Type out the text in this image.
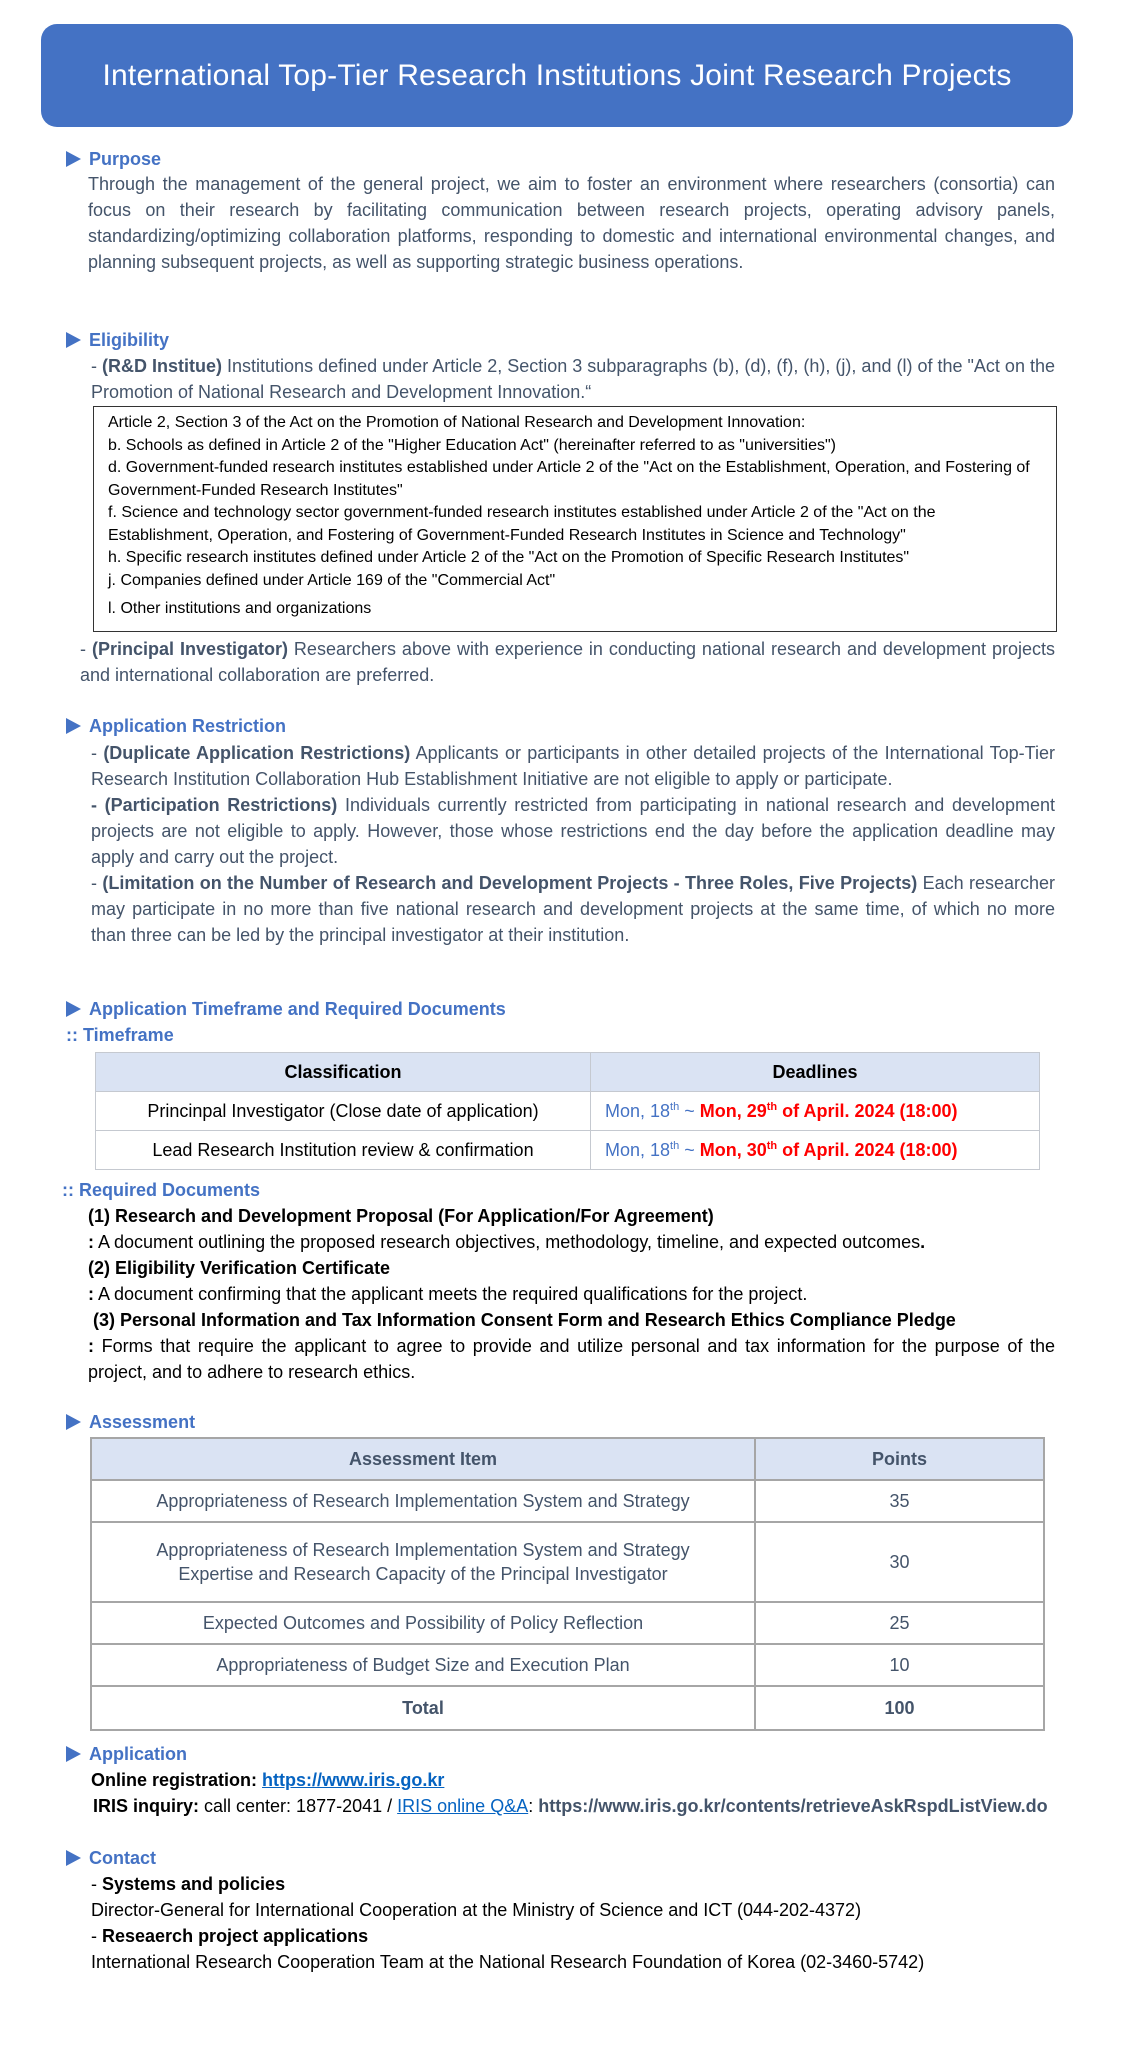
International Top-Tier Research Institutions Joint Research Projects
Purpose
Through the management of the general project, we aim to foster an environment where researchers (consortia) can focus on their research by facilitating communication between research projects, operating advisory panels, standardizing/optimizing collaboration platforms, responding to domestic and international environmental changes, and planning subsequent projects, as well as supporting strategic business operations.
Eligibility
- (R&D Institue) Institutions defined under Article 2, Section 3 subparagraphs (b), (d), (f), (h), (j), and (l) of the "Act on the Promotion of National Research and Development Innovation.“
Article 2, Section 3 of the Act on the Promotion of National Research and Development Innovation:
b. Schools as defined in Article 2 of the "Higher Education Act" (hereinafter referred to as "universities")
d. Government-funded research institutes established under Article 2 of the "Act on the Establishment, Operation, and Fostering of Government-Funded Research Institutes"
f. Science and technology sector government-funded research institutes established under Article 2 of the "Act on the Establishment, Operation, and Fostering of Government-Funded Research Institutes in Science and Technology"
h. Specific research institutes defined under Article 2 of the "Act on the Promotion of Specific Research Institutes"
j. Companies defined under Article 169 of the "Commercial Act"
l. Other institutions and organizations
- (Principal Investigator) Researchers above with experience in conducting national research and development projects and international collaboration are preferred.
Application Restriction
- (Duplicate Application Restrictions) Applicants or participants in other detailed projects of the International Top-Tier Research Institution Collaboration Hub Establishment Initiative are not eligible to apply or participate.
- (Participation Restrictions) Individuals currently restricted from participating in national research and development projects are not eligible to apply. However, those whose restrictions end the day before the application deadline may apply and carry out the project.
- (Limitation on the Number of Research and Development Projects - Three Roles, Five Projects) Each researcher may participate in no more than five national research and development projects at the same time, of which no more than three can be led by the principal investigator at their institution.
Application Timeframe and Required Documents
:: Timeframe
Classification	Deadlines
Princinpal Investigator (Close date of application)	Mon, 18th ~ Mon, 29th of April. 2024 (18:00)
Lead Research Institution review & confirmation	Mon, 18th ~ Mon, 30th of April. 2024 (18:00)
:: Required Documents
(1) Research and Development Proposal (For Application/For Agreement)
: A document outlining the proposed research objectives, methodology, timeline, and expected outcomes.
(2) Eligibility Verification Certificate
: A document confirming that the applicant meets the required qualifications for the project.
(3) Personal Information and Tax Information Consent Form and Research Ethics Compliance Pledge
: Forms that require the applicant to agree to provide and utilize personal and tax information for the purpose of the project, and to adhere to research ethics.
Assessment
Assessment Item	Points
Appropriateness of Research Implementation System and Strategy	35

Appropriateness of Research Implementation System and Strategy
Expertise and Research Capacity of the Principal Investigator	30
Expected Outcomes and Possibility of Policy Reflection	25
Appropriateness of Budget Size and Execution Plan	10
Total	100
Application
Online registration: https://www.iris.go.kr
IRIS inquiry: call center: 1877-2041 / IRIS online Q&A: https://www.iris.go.kr/contents/retrieveAskRspdListView.do
Contact
- Systems and policies
Director-General for International Cooperation at the Ministry of Science and ICT (044-202-4372)
- Reseaerch project applications
International Research Cooperation Team at the National Research Foundation of Korea (02-3460-5742)
